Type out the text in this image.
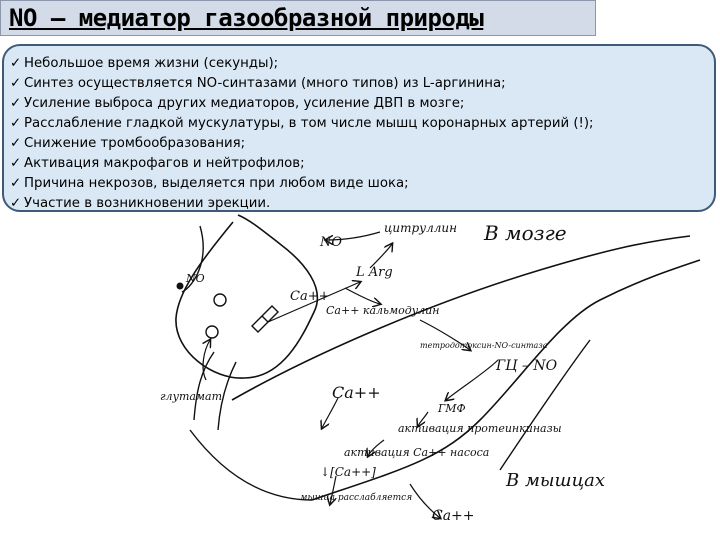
NO – медиатор газообразной природы
✓ Небольшое время жизни (секунды);
✓ Синтез осуществляется NO-синтазами (много типов) из L-аргинина;
✓ Усиление выброса других медиаторов, усиление ДВП в мозге;
✓ Расслабление гладкой мускулатуры, в том числе мышц коронарных артерий (!);
✓ Снижение тромбообразования;
✓ Активация макрофагов и нейтрофилов;
✓ Причина некрозов, выделяется при любом виде шока;
✓ Участие в возникновении эрекции.
NO
цитруллин В мозге
L Arg
NO
Ca++
Ca++ кальмодулин
тетродотоксин-NO-синтаза
ГЦ – NO
Ca++
ГМФ
активация протеинкиназы
активация Ca++ насоса
↓[Ca++]	В мышцах
глутамат
мышца расслабляется
Ca++
